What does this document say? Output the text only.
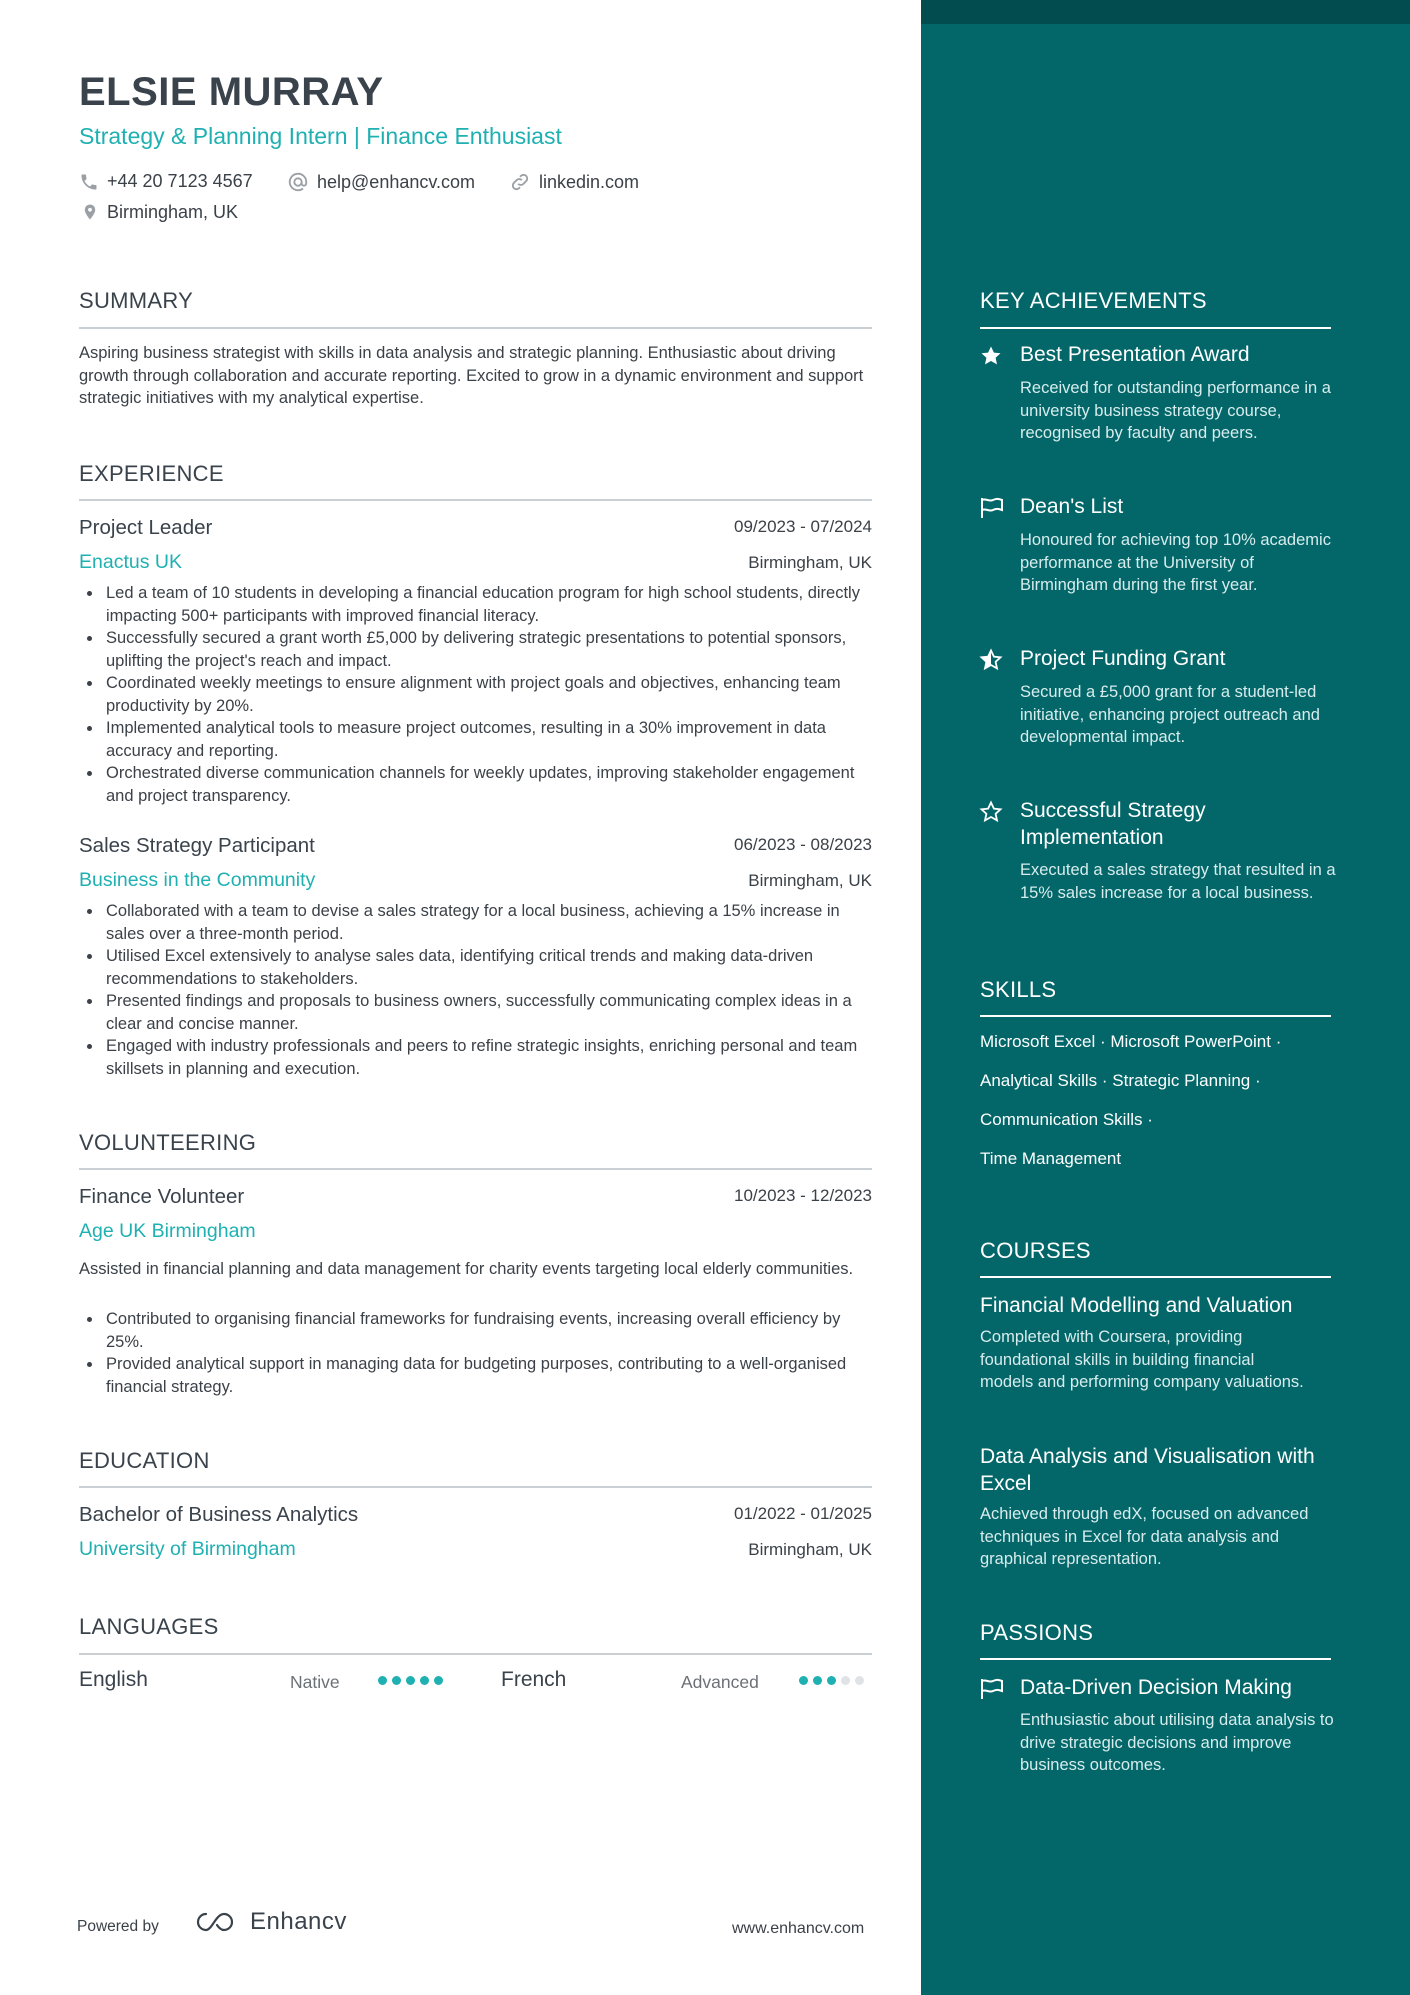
ELSIE MURRAY
Strategy & Planning Intern | Finance Enthusiast
+44 20 7123 4567	help@enhancv.com	linkedin.com
Birmingham, UK
SUMMARY
Aspiring business strategist with skills in data analysis and strategic planning. Enthusiastic about driving growth through collaboration and accurate reporting. Excited to grow in a dynamic environment and support strategic initiatives with my analytical expertise.
EXPERIENCE
Project Leader	09/2023 - 07/2024
Enactus UK	Birmingham, UK
Led a team of 10 students in developing a financial education program for high school students, directly impacting 500+ participants with improved financial literacy.
Successfully secured a grant worth £5,000 by delivering strategic presentations to potential sponsors, uplifting the project's reach and impact.
Coordinated weekly meetings to ensure alignment with project goals and objectives, enhancing team productivity by 20%.
Implemented analytical tools to measure project outcomes, resulting in a 30% improvement in data accuracy and reporting.
Orchestrated diverse communication channels for weekly updates, improving stakeholder engagement and project transparency.
Sales Strategy Participant	06/2023 - 08/2023
Business in the Community	Birmingham, UK
Collaborated with a team to devise a sales strategy for a local business, achieving a 15% increase in sales over a three-month period.
Utilised Excel extensively to analyse sales data, identifying critical trends and making data-driven recommendations to stakeholders.
Presented findings and proposals to business owners, successfully communicating complex ideas in a clear and concise manner.
Engaged with industry professionals and peers to refine strategic insights, enriching personal and team skillsets in planning and execution.
VOLUNTEERING
Finance Volunteer	10/2023 - 12/2023
Age UK Birmingham
Assisted in financial planning and data management for charity events targeting local elderly communities.
Contributed to organising financial frameworks for fundraising events, increasing overall efficiency by 25%.
Provided analytical support in managing data for budgeting purposes, contributing to a well-organised financial strategy.
EDUCATION
Bachelor of Business Analytics	01/2022 - 01/2025
University of Birmingham	Birmingham, UK
LANGUAGES
English	Native	French	Advanced
Powered by	Enhancv	www.enhancv.com
KEY ACHIEVEMENTS
Best Presentation Award
Received for outstanding performance in a university business strategy course, recognised by faculty and peers.
Dean's List
Honoured for achieving top 10% academic performance at the University of Birmingham during the first year.
Project Funding Grant
Secured a £5,000 grant for a student-led initiative, enhancing project outreach and developmental impact.
Successful Strategy Implementation
Executed a sales strategy that resulted in a 15% sales increase for a local business.
SKILLS
Microsoft Excel · Microsoft PowerPoint ·
Analytical Skills · Strategic Planning ·
Communication Skills ·
Time Management
COURSES
Financial Modelling and Valuation
Completed with Coursera, providing foundational skills in building financial models and performing company valuations.
Data Analysis and Visualisation with Excel
Achieved through edX, focused on advanced techniques in Excel for data analysis and graphical representation.
PASSIONS
Data-Driven Decision Making
Enthusiastic about utilising data analysis to drive strategic decisions and improve business outcomes.
